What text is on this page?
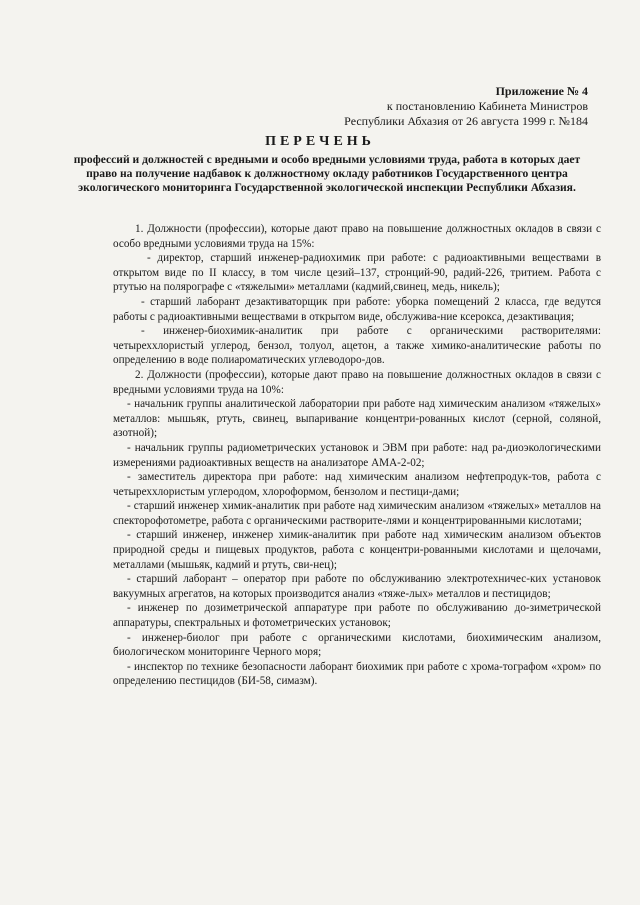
Приложение № 4
к постановлению Кабинета Министров
Республики Абхазия от 26 августа 1999 г. №184
ПЕРЕЧЕНЬ
профессий и должностей с вредными и особо вредными условиями труда, работа в которых дает право на получение надбавок к должностному окладу работников Государственного центра экологического мониторинга Государственной экологической инспекции Республики Абхазия.

1. Должности (профессии), которые дают право на повышение должностных окладов в связи с особо вредными условиями труда на 15%:

- директор, старший инженер-радиохимик при работе: с радиоактивными веществами в открытом виде по II классу, в том числе цезий–137, стронций-90, радий-226, тритием. Работа с ртутью на полярографе с «тяжелыми» металлами (кадмий,свинец, медь, никель);

- старший лаборант дезактиваторщик при работе: уборка помещений 2 класса, где ведутся работы с радиоактивными веществами в открытом виде, обслужива-ние ксерокса, дезактивация;

- инженер-биохимик-аналитик при работе с органическими растворителями: четыреххлористый углерод, бензол, толуол, ацетон, а также химико-аналитические работы по определению в воде полиароматических углеводоро-дов.

2. Должности (профессии), которые дают право на повышение должностных окладов в связи с вредными условиями труда на 10%:

- начальник группы аналитической лаборатории при работе над химическим анализом «тяжелых» металлов: мышьяк, ртуть, свинец, выпаривание концентри-рованных кислот (серной, соляной, азотной);

- начальник группы радиометрических установок и ЭВМ при работе: над ра-диоэкологическими измерениями радиоактивных веществ на анализаторе АМА-2-02;

- заместитель директора при работе: над химическим анализом нефтепродук-тов, работа с четыреххлористым углеродом, хлороформом, бензолом и пестици-дами;

- старший инженер химик-аналитик при работе над химическим анализом «тяжелых» металлов на спекторофотометре, работа с органическими растворите-лями и концентрированными кислотами;

- старший инженер, инженер химик-аналитик при работе над химическим анализом объектов природной среды и пищевых продуктов, работа с концентри-рованными кислотами и щелочами, металлами (мышьяк, кадмий и ртуть, сви-нец);

- старший лаборант – оператор при работе по обслуживанию электротехничес-ких установок вакуумных агрегатов, на которых производится анализ «тяже-лых» металлов и пестицидов;

- инженер по дозиметрической аппаратуре при работе по обслуживанию до-зиметрической аппаратуры, спектральных и фотометрических установок;

- инженер-биолог при работе с органическими кислотами, биохимическим анализом, биологическом мониторинге Черного моря;

- инспектор по технике безопасности лаборант биохимик при работе с хрома-тографом «хром» по определению пестицидов (БИ-58, симазм).
